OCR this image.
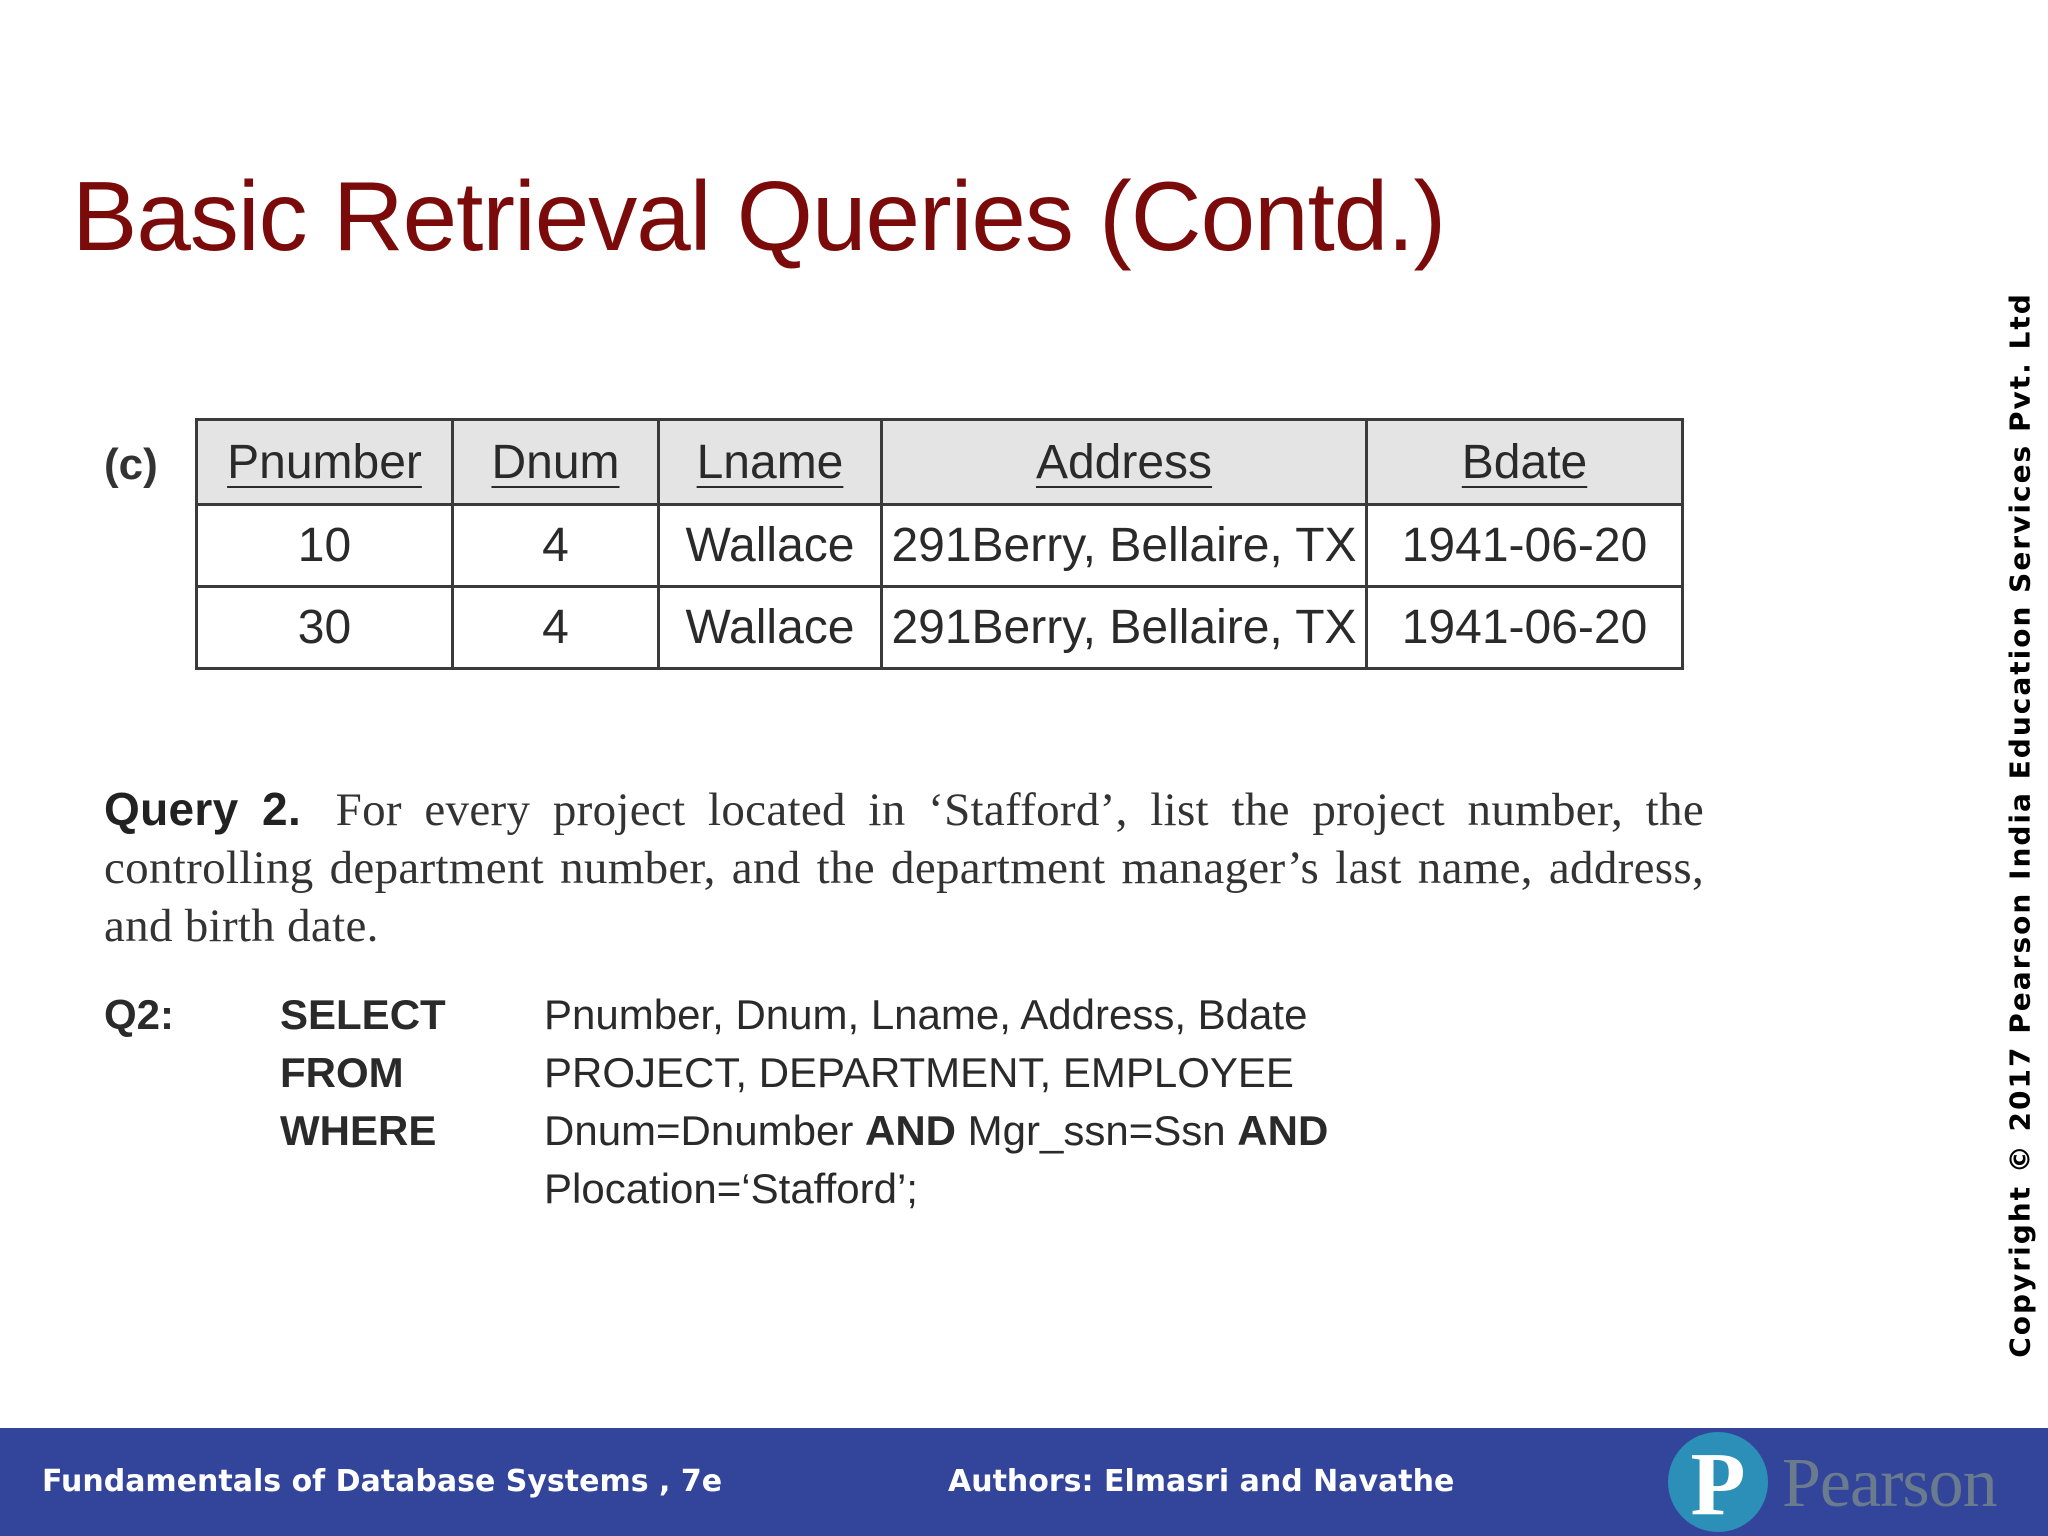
Basic Retrieval Queries (Contd.)
Copyright © 2017 Pearson India Education Services Pvt. Ltd
(c) Pnumber	Dnum	Lname	Address	Bdate
10	4	Wallace	291Berry, Bellaire, TX	1941-06-20
30	4	Wallace	291Berry, Bellaire, TX	1941-06-20

Query 2. For every project located in ‘Stafford’, list the project number, the controlling department number, and the department manager’s last name, address, and birth date.

Q2:	SELECT Pnumber, Dnum, Lname, Address, Bdate
FROM	PROJECT, DEPARTMENT, EMPLOYEE
WHERE	Dnum=Dnumber AND Mgr_ssn=Ssn AND
Plocation=‘Stafford’;
Fundamentals of Database Systems , 7e	Authors: Elmasri and Navathe	P Pearson
